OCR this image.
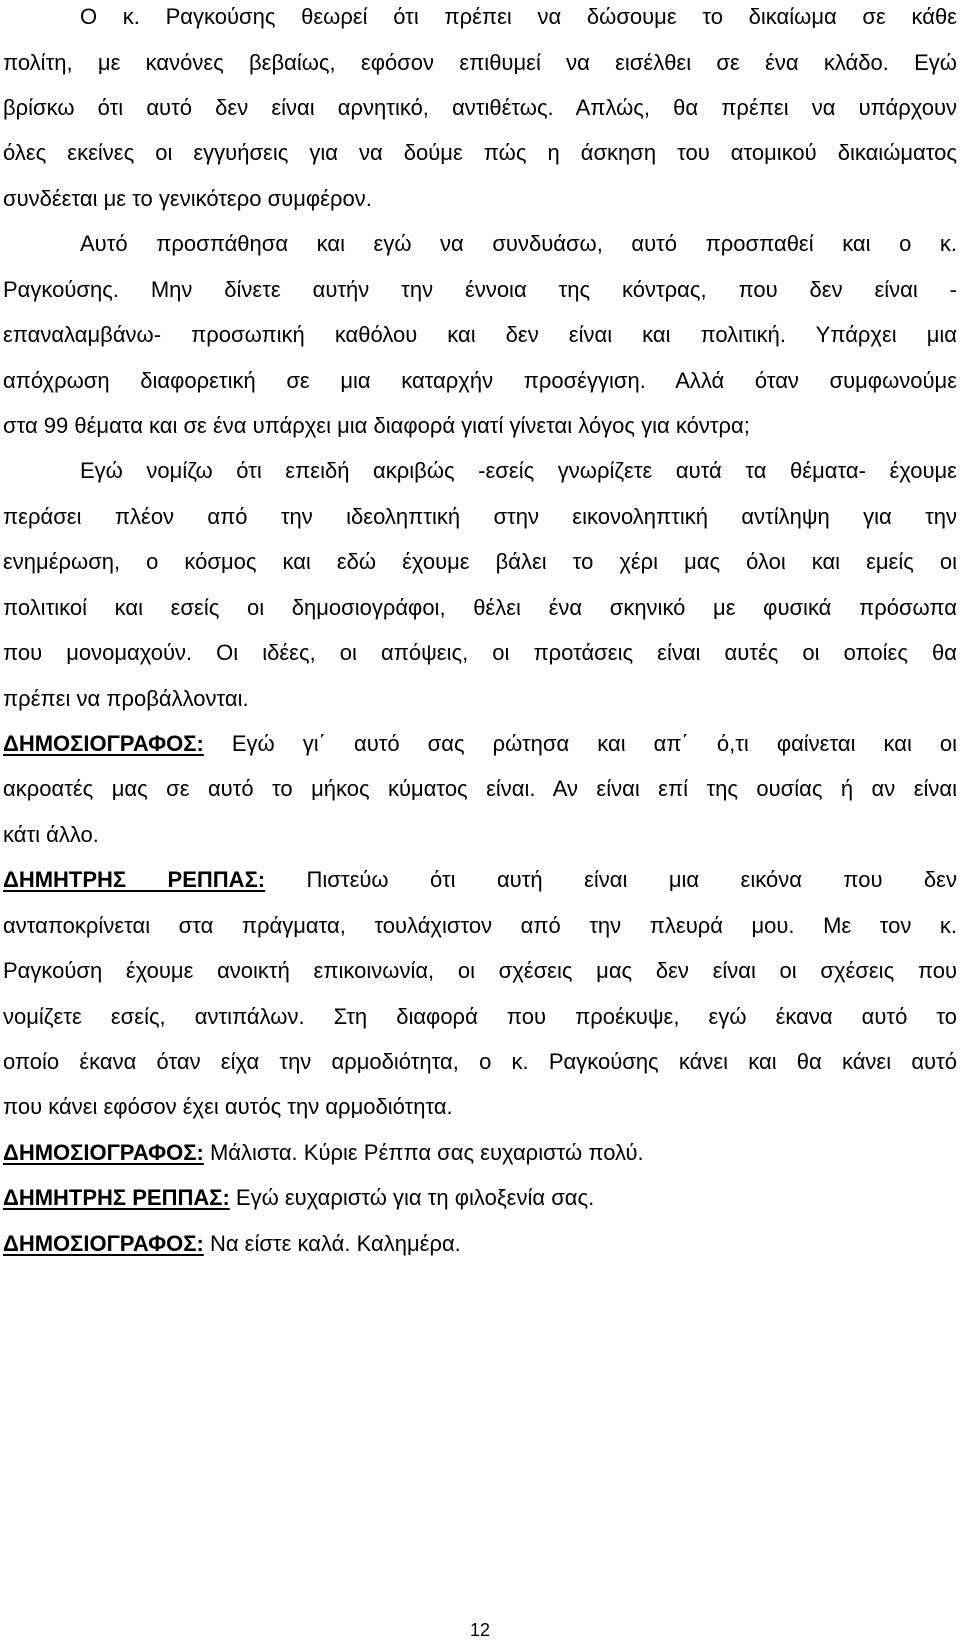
Ο κ. Ραγκούσης θεωρεί ότι πρέπει να δώσουμε το δικαίωμα σε κάθε
πολίτη, με κανόνες βεβαίως, εφόσον επιθυμεί να εισέλθει σε ένα κλάδο. Εγώ
βρίσκω ότι αυτό δεν είναι αρνητικό, αντιθέτως. Απλώς, θα πρέπει να υπάρχουν
όλες εκείνες οι εγγυήσεις για να δούμε πώς η άσκηση του ατομικού δικαιώματος
συνδέεται με το γενικότερο συμφέρον.
Αυτό προσπάθησα και εγώ να συνδυάσω, αυτό προσπαθεί και ο κ.
Ραγκούσης. Μην δίνετε αυτήν την έννοια της κόντρας, που δεν είναι -
επαναλαμβάνω- προσωπική καθόλου και δεν είναι και πολιτική. Υπάρχει μια
απόχρωση διαφορετική σε μια καταρχήν προσέγγιση. Αλλά όταν συμφωνούμε
στα 99 θέματα και σε ένα υπάρχει μια διαφορά γιατί γίνεται λόγος για κόντρα;
Εγώ νομίζω ότι επειδή ακριβώς -εσείς γνωρίζετε αυτά τα θέματα- έχουμε
περάσει πλέον από την ιδεοληπτική στην εικονοληπτική αντίληψη για την
ενημέρωση, ο κόσμος και εδώ έχουμε βάλει το χέρι μας όλοι και εμείς οι
πολιτικοί και εσείς οι δημοσιογράφοι, θέλει ένα σκηνικό με φυσικά πρόσωπα
που μονομαχούν. Οι ιδέες, οι απόψεις, οι προτάσεις είναι αυτές οι οποίες θα
πρέπει να προβάλλονται.
ΔΗΜΟΣΙΟΓΡΑΦΟΣ: Εγώ γι΄ αυτό σας ρώτησα και απ΄ ό,τι φαίνεται και οι
ακροατές μας σε αυτό το μήκος κύματος είναι. Αν είναι επί της ουσίας ή αν είναι
κάτι άλλο.
ΔΗΜΗΤΡΗΣ ΡΕΠΠΑΣ: Πιστεύω ότι αυτή είναι μια εικόνα που δεν
ανταποκρίνεται στα πράγματα, τουλάχιστον από την πλευρά μου. Με τον κ.
Ραγκούση έχουμε ανοικτή επικοινωνία, οι σχέσεις μας δεν είναι οι σχέσεις που
νομίζετε εσείς, αντιπάλων. Στη διαφορά που προέκυψε, εγώ έκανα αυτό το
οποίο έκανα όταν είχα την αρμοδιότητα, ο κ. Ραγκούσης κάνει και θα κάνει αυτό
που κάνει εφόσον έχει αυτός την αρμοδιότητα.
ΔΗΜΟΣΙΟΓΡΑΦΟΣ: Μάλιστα. Κύριε Ρέππα σας ευχαριστώ πολύ.
ΔΗΜΗΤΡΗΣ ΡΕΠΠΑΣ: Εγώ ευχαριστώ για τη φιλοξενία σας.
ΔΗΜΟΣΙΟΓΡΑΦΟΣ: Να είστε καλά. Καλημέρα.
12
